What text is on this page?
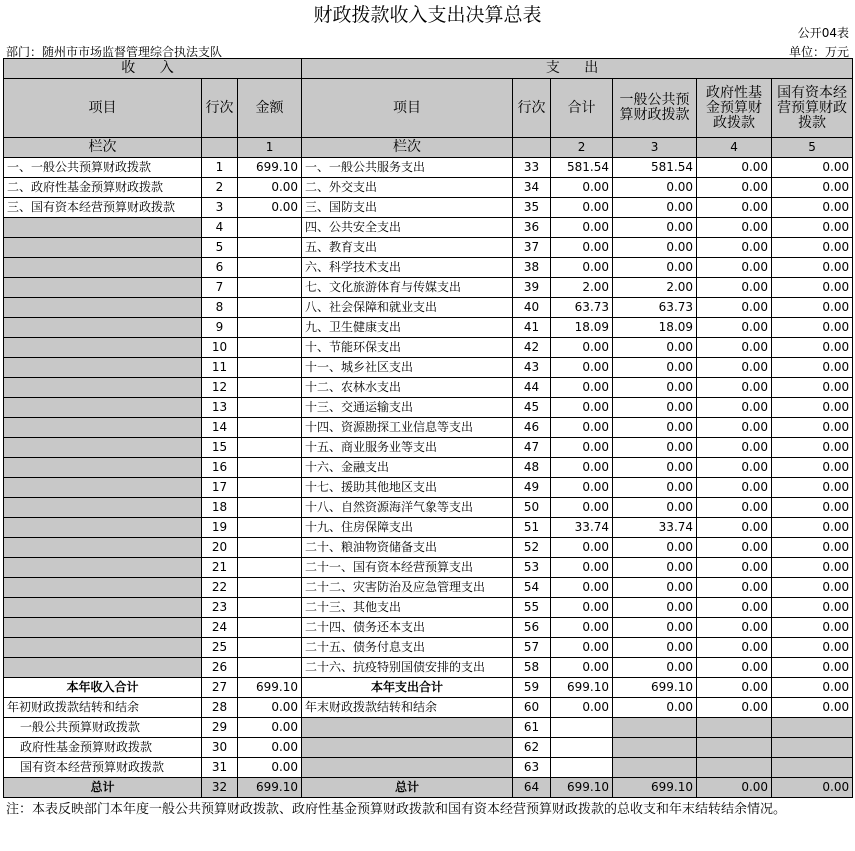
财政拨款收入支出决算总表
公开04表
部门：随州市市场监督管理综合执法支队	单位：万元
收 入			支 出					
项目	行次	金额	项目	行次	合计	一般公共预算财政拨款	政府性基金预算财政拨款	国有资本经营预算财政拨款
栏次		1	栏次		2	3	4	5
一、一般公共预算财政拨款	1	699.10	一、一般公共服务支出	33	581.54	581.54	0.00	0.00
二、政府性基金预算财政拨款	2	0.00	二、外交支出	34	0.00	0.00	0.00	0.00
三、国有资本经营预算财政拨款	3	0.00	三、国防支出	35	0.00	0.00	0.00	0.00
	4		四、公共安全支出	36	0.00	0.00	0.00	0.00
	5		五、教育支出	37	0.00	0.00	0.00	0.00
	6		六、科学技术支出	38	0.00	0.00	0.00	0.00
	7		七、文化旅游体育与传媒支出	39	2.00	2.00	0.00	0.00
	8		八、社会保障和就业支出	40	63.73	63.73	0.00	0.00
	9		九、卫生健康支出	41	18.09	18.09	0.00	0.00
	10		十、节能环保支出	42	0.00	0.00	0.00	0.00
	11		十一、城乡社区支出	43	0.00	0.00	0.00	0.00
	12		十二、农林水支出	44	0.00	0.00	0.00	0.00
	13		十三、交通运输支出	45	0.00	0.00	0.00	0.00
	14		十四、资源勘探工业信息等支出	46	0.00	0.00	0.00	0.00
	15		十五、商业服务业等支出	47	0.00	0.00	0.00	0.00
	16		十六、金融支出	48	0.00	0.00	0.00	0.00
	17		十七、援助其他地区支出	49	0.00	0.00	0.00	0.00
	18		十八、自然资源海洋气象等支出	50	0.00	0.00	0.00	0.00
	19		十九、住房保障支出	51	33.74	33.74	0.00	0.00
	20		二十、粮油物资储备支出	52	0.00	0.00	0.00	0.00
	21		二十一、国有资本经营预算支出	53	0.00	0.00	0.00	0.00
	22		二十二、灾害防治及应急管理支出	54	0.00	0.00	0.00	0.00
	23		二十三、其他支出	55	0.00	0.00	0.00	0.00
	24		二十四、债务还本支出	56	0.00	0.00	0.00	0.00
	25		二十五、债务付息支出	57	0.00	0.00	0.00	0.00
	26		二十六、抗疫特别国债安排的支出	58	0.00	0.00	0.00	0.00
本年收入合计	27	699.10	本年支出合计	59	699.10	699.10	0.00	0.00
年初财政拨款结转和结余	28	0.00	年末财政拨款结转和结余	60	0.00	0.00	0.00	0.00
一般公共预算财政拨款	29	0.00		61				
政府性基金预算财政拨款	30	0.00		62				
国有资本经营预算财政拨款	31	0.00		63				
总计	32	699.10	总计	64	699.10	699.10	0.00	0.00
注：本表反映部门本年度一般公共预算财政拨款、政府性基金预算财政拨款和国有资本经营预算财政拨款的总收支和年末结转结余情况。
